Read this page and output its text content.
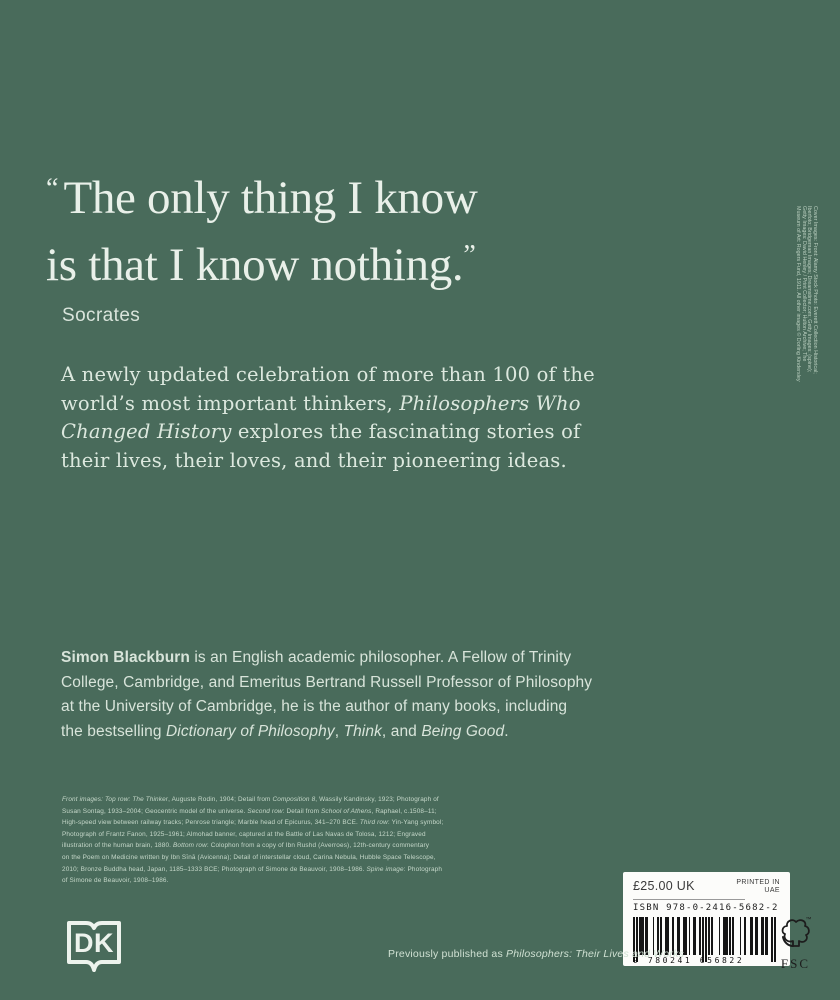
“The only thing I know
is that I know nothing.”
Socrates
A newly updated celebration of more than 100 of the
world’s most important thinkers, Philosophers Who
Changed History explores the fascinating stories of
their lives, their loves, and their pioneering ideas.
Simon Blackburn is an English academic philosopher. A Fellow of Trinity
College, Cambridge, and Emeritus Bertrand Russell Professor of Philosophy
at the University of Cambridge, he is the author of many books, including
the bestselling Dictionary of Philosophy, Think, and Being Good.
Front images: Top row: The Thinker, Auguste Rodin, 1904; Detail from Composition 8, Wassily Kandinsky, 1923; Photograph of
Susan Sontag, 1933–2004; Geocentric model of the universe. Second row: Detail from School of Athens, Raphael, c.1508–11;
High-speed view between railway tracks; Penrose triangle; Marble head of Epicurus, 341–270 BCE. Third row: Yin-Yang symbol;
Photograph of Frantz Fanon, 1925–1961; Almohad banner, captured at the Battle of Las Navas de Tolosa, 1212; Engraved
illustration of the human brain, 1880. Bottom row: Colophon from a copy of Ibn Rushd (Averroes), 12th-century commentary
on the Poem on Medicine written by Ibn Sīnā (Avicenna); Detail of interstellar cloud, Carina Nebula, Hubble Space Telescope,
2010; Bronze Buddha head, Japan, 1185–1333 BCE; Photograph of Simone de Beauvoir, 1908–1986. Spine image: Photograph
of Simone de Beauvoir, 1908–1986.
Cover Images: Front: Alamy Stock Photo: Everett Collection Historical;
Iberfoto; Bridgeman Images; Dreamstime.com; Getty Images: (spine);
Getty Images: David Henley / Print Collector; Hulton Archive; The
Museum of Art: Rogers Fund, 1911. All other images © Dorling Kindersley
£25.00 UK	PRINTED IN
UAE
ISBN 978-0-2416-5682-2
9 780241 656822
™
FSC
DK	Previously published as Philosophers: Their Lives and Works
